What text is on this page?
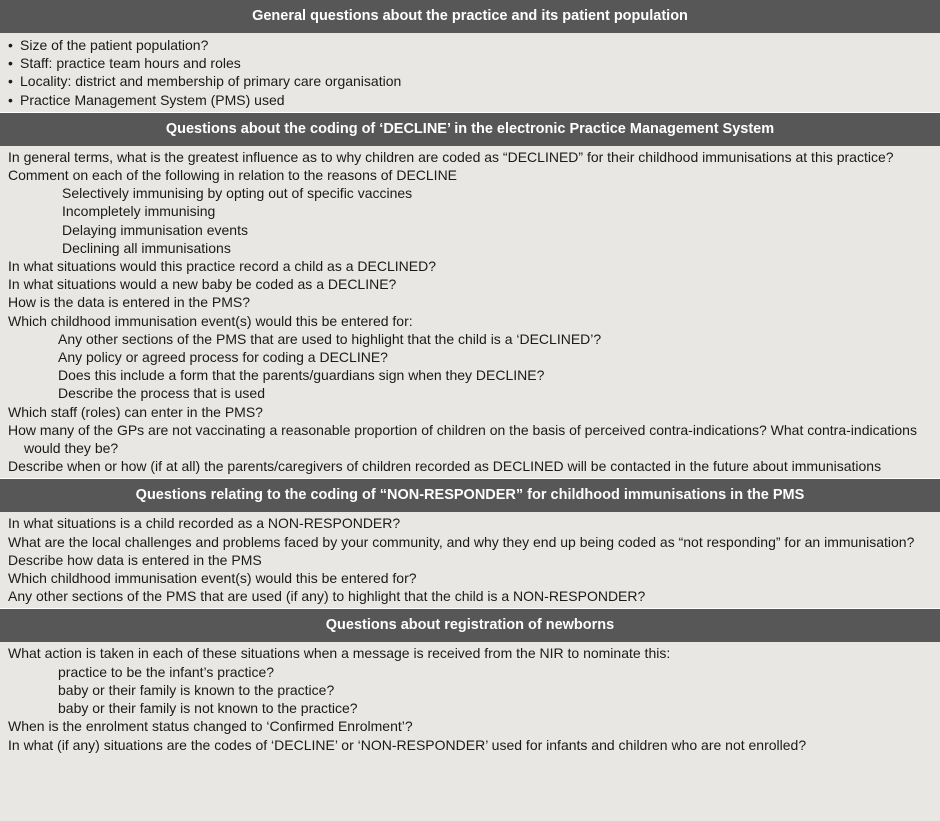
General questions about the practice and its patient population
• Size of the patient population?
• Staff: practice team hours and roles
• Locality: district and membership of primary care organisation
• Practice Management System (PMS) used
Questions about the coding of ‘DECLINE’ in the electronic Practice Management System
In general terms, what is the greatest influence as to why children are coded as “DECLINED” for their childhood immunisations at this practice?
Comment on each of the following in relation to the reasons of DECLINE
Selectively immunising by opting out of specific vaccines
Incompletely immunising
Delaying immunisation events
Declining all immunisations
In what situations would this practice record a child as a DECLINED?
In what situations would a new baby be coded as a DECLINE?
How is the data is entered in the PMS?
Which childhood immunisation event(s) would this be entered for:
Any other sections of the PMS that are used to highlight that the child is a ‘DECLINED’?
Any policy or agreed process for coding a DECLINE?
Does this include a form that the parents/guardians sign when they DECLINE?
Describe the process that is used
Which staff (roles) can enter in the PMS?
How many of the GPs are not vaccinating a reasonable proportion of children on the basis of perceived contra-indications? What contra-indications would they be?
Describe when or how (if at all) the parents/caregivers of children recorded as DECLINED will be contacted in the future about immunisations
Questions relating to the coding of “NON-RESPONDER” for childhood immunisations in the PMS
In what situations is a child recorded as a NON-RESPONDER?
What are the local challenges and problems faced by your community, and why they end up being coded as “not responding” for an immunisation?
Describe how data is entered in the PMS
Which childhood immunisation event(s) would this be entered for?
Any other sections of the PMS that are used (if any) to highlight that the child is a NON-RESPONDER?
Questions about registration of newborns
What action is taken in each of these situations when a message is received from the NIR to nominate this:
practice to be the infant’s practice?
baby or their family is known to the practice?
baby or their family is not known to the practice?
When is the enrolment status changed to ‘Confirmed Enrolment’?
In what (if any) situations are the codes of ‘DECLINE’ or ‘NON-RESPONDER’ used for infants and children who are not enrolled?
